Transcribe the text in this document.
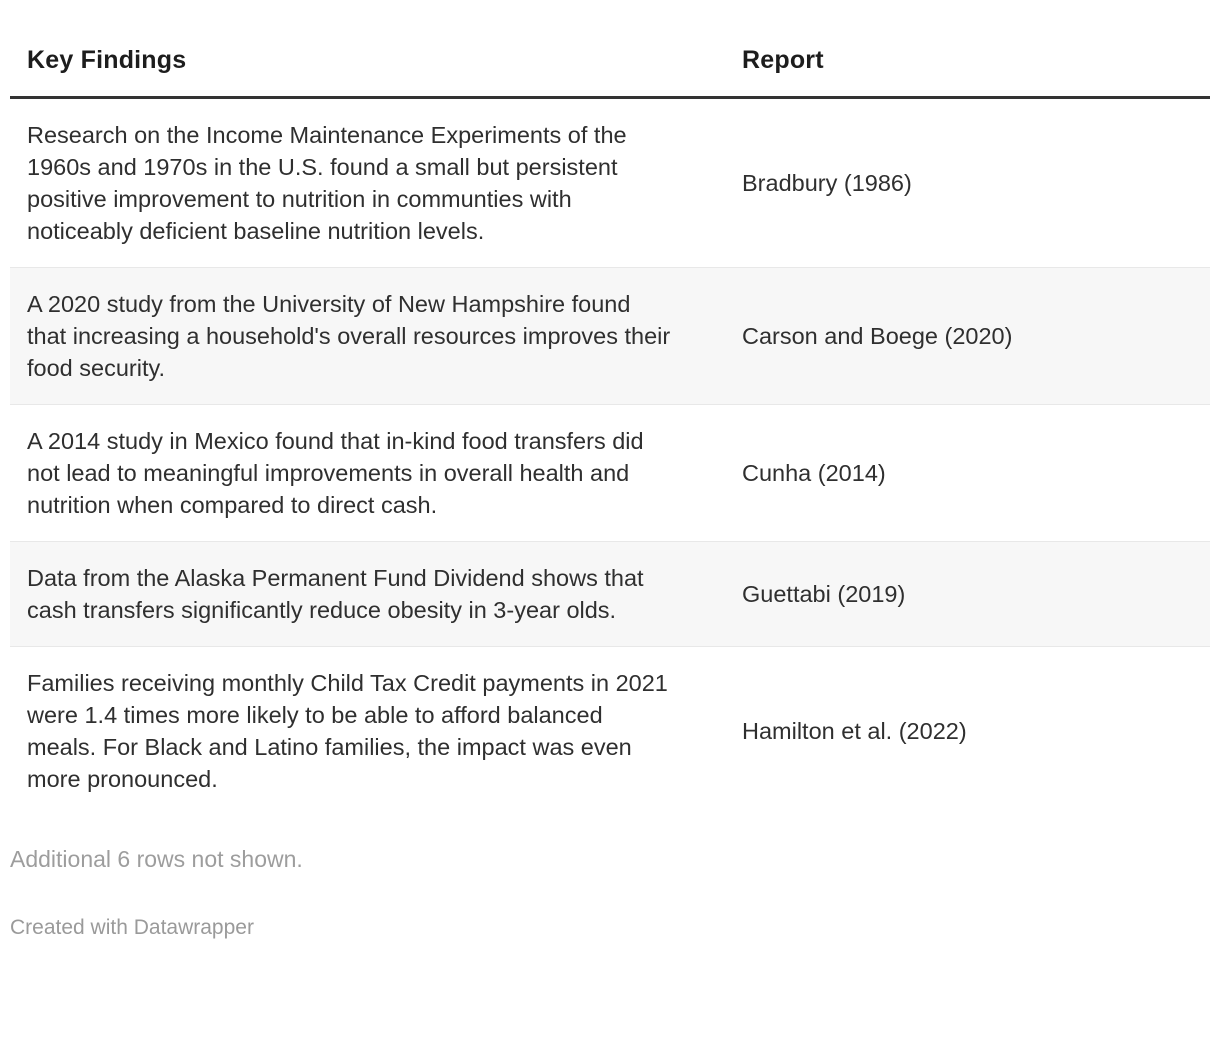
Key Findings	Report
Research on the Income Maintenance Experiments of the 1960s and 1970s in the U.S. found a small but persistent positive improvement to nutrition in communties with noticeably deficient baseline nutrition levels.	Bradbury (1986)
A 2020 study from the University of New Hampshire found that increasing a household's overall resources improves their food security.	Carson and Boege (2020)
A 2014 study in Mexico found that in-kind food transfers did not lead to meaningful improvements in overall health and nutrition when compared to direct cash.	Cunha (2014)
Data from the Alaska Permanent Fund Dividend shows that cash transfers significantly reduce obesity in 3-year olds.	Guettabi (2019)
Families receiving monthly Child Tax Credit payments in 2021 were 1.4 times more likely to be able to afford balanced meals. For Black and Latino families, the impact was even more pronounced.	Hamilton et al. (2022)
Additional 6 rows not shown.
Created with Datawrapper
